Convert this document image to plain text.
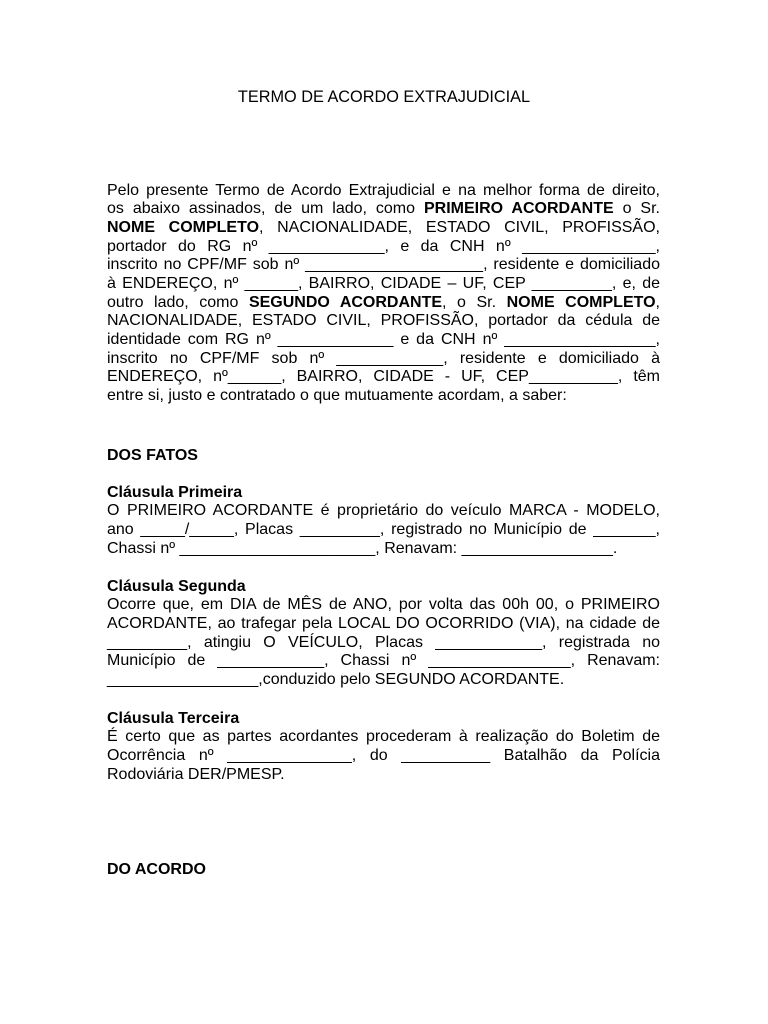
TERMO DE ACORDO EXTRAJUDICIAL
Pelo presente Termo de Acordo Extrajudicial e na melhor forma de direito,
os abaixo assinados, de um lado, como PRIMEIRO ACORDANTE o Sr.
NOME COMPLETO, NACIONALIDADE, ESTADO CIVIL, PROFISSÃO,
portador do RG nº _____________, e da CNH nº _______________,
inscrito no CPF/MF sob nº ____________________, residente e domiciliado
à ENDEREÇO, nº ______, BAIRRO, CIDADE – UF, CEP _________, e, de
outro lado, como SEGUNDO ACORDANTE, o Sr. NOME COMPLETO,
NACIONALIDADE, ESTADO CIVIL, PROFISSÃO, portador da cédula de
identidade com RG nº _____________ e da CNH nº _________________,
inscrito no CPF/MF sob nº ____________, residente e domiciliado à
ENDEREÇO, nº______, BAIRRO, CIDADE - UF, CEP__________, têm
entre si, justo e contratado o que mutuamente acordam, a saber:
DOS FATOS
Cláusula Primeira
O PRIMEIRO ACORDANTE é proprietário do veículo MARCA - MODELO,
ano _____/_____, Placas _________, registrado no Município de _______,
Chassi nº ______________________, Renavam: _________________.
Cláusula Segunda
Ocorre que, em DIA de MÊS de ANO, por volta das 00h 00, o PRIMEIRO
ACORDANTE, ao trafegar pela LOCAL DO OCORRIDO (VIA), na cidade de
_________, atingiu O VEÍCULO, Placas ____________, registrada no
Município de ____________, Chassi nº ________________, Renavam:
_________________,conduzido pelo SEGUNDO ACORDANTE.
Cláusula Terceira
É certo que as partes acordantes procederam à realização do Boletim de
Ocorrência nº ______________, do __________ Batalhão da Polícia
Rodoviária DER/PMESP.
DO ACORDO
